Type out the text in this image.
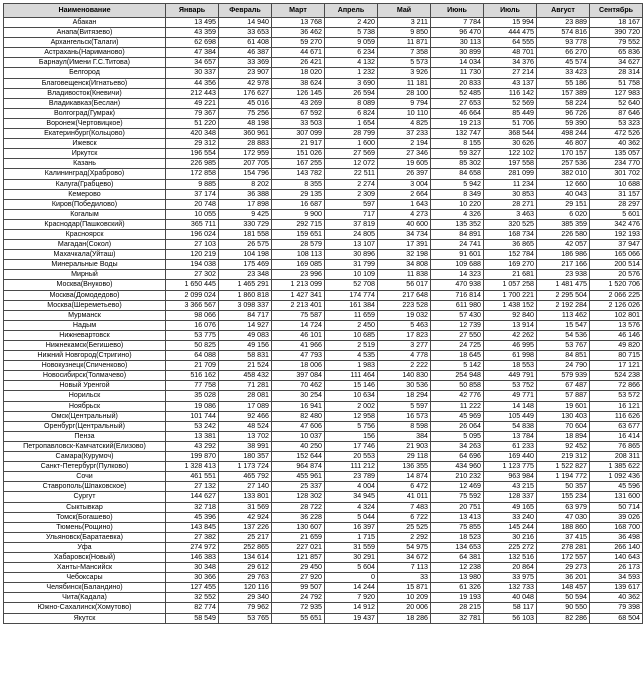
Наименование	Январь	Февраль	Март	Апрель	Май	Июнь	Июль	Август	Сентябрь
Абакан	13 495	14 940	13 768	2 420	3 211	7 784	15 994	23 889	18 167
Анапа(Витязево)	43 359	33 653	36 462	5 738	9 850	96 470	444 475	574 816	390 720
Архангельск(Талаги)	62 698	61 408	59 270	9 059	11 871	30 113	64 555	93 778	79 552
Астрахань(Нариманово)	47 384	46 387	44 671	6 234	7 358	30 899	48 701	66 270	65 836
Барнаул(Имени Г.С.Титова)	34 657	33 369	26 421	4 132	5 573	14 034	34 376	45 574	34 627
Белгород	30 337	23 907	18 020	1 232	3 926	11 730	27 214	33 423	28 314
Благовещенск(Игнатьево)	44 356	42 978	38 624	3 690	11 181	20 833	43 137	55 186	51 758
Владивосток(Кневичи)	212 443	176 627	126 145	26 594	28 100	52 485	116 142	157 389	127 983
Владикавказ(Беслан)	49 221	45 016	43 269	8 089	9 794	27 653	52 569	58 224	52 640
Волгоград(Гумрак)	79 367	75 256	67 592	6 824	10 110	46 664	85 449	96 726	87 646
Воронеж(Чертовицкое)	51 220	48 198	33 503	1 654	4 825	19 213	51 706	59 390	53 323
Екатеринбург(Кольцово)	420 348	360 961	307 099	28 799	37 233	132 747	368 544	498 244	472 526
Ижевск	29 312	28 883	21 917	1 600	2 194	8 155	30 626	46 807	40 362
Иркутск	196 554	172 959	151 026	27 569	27 346	59 327	122 102	170 157	135 057
Казань	226 985	207 705	167 255	12 072	19 605	85 302	197 558	257 536	234 770
Калининград(Храброво)	172 858	154 796	143 782	22 511	26 397	84 658	281 099	382 010	301 702
Калуга(Грабцево)	9 885	8 202	8 355	2 274	3 004	5 942	11 234	12 660	10 688
Кемерово	37 174	36 388	29 135	2 309	2 664	8 349	30 853	40 043	31 157
Киров(Победилово)	20 748	17 898	16 687	597	1 643	10 220	28 271	29 151	28 297
Когалым	10 055	9 425	9 900	717	4 273	4 326	3 463	6 020	5 601
Краснодар(Пашковский)	365 711	330 729	292 715	37 819	40 600	135 352	320 525	385 359	342 476
Красноярск	196 024	181 558	159 651	24 805	34 734	84 891	168 734	226 580	192 193
Магадан(Сокол)	27 103	26 575	28 579	13 107	17 391	24 741	36 865	42 057	37 947
Махачкала(Уйташ)	120 219	104 198	108 113	30 896	32 198	91 601	152 784	186 986	165 066
Минеральные Воды	194 038	175 469	169 085	31 799	34 808	109 688	169 270	217 166	200 514
Мирный	27 302	23 348	23 996	10 109	11 838	14 323	21 681	23 938	20 576
Москва(Внуково)	1 650 445	1 465 291	1 213 099	52 708	56 017	470 938	1 057 258	1 481 475	1 520 706
Москва(Домодедово)	2 099 024	1 860 818	1 427 341	174 774	217 648	716 814	1 700 221	2 295 504	2 066 225
Москва(Шереметьево)	3 366 567	3 098 337	2 213 401	161 384	223 528	611 980	1 438 152	2 192 284	2 126 026
Мурманск	98 066	84 717	75 587	11 659	19 032	57 430	92 840	113 462	102 801
Надым	16 076	14 927	14 724	2 450	5 463	12 739	13 914	15 547	13 576
Нижневартовск	53 775	49 083	46 101	10 685	17 823	27 550	42 262	54 536	46 146
Нижнекамск(Бегишево)	50 825	49 156	41 966	2 519	3 277	24 725	46 995	53 767	49 820
Нижний Новгород(Стригино)	64 088	58 831	47 793	4 535	4 778	18 645	61 998	84 851	80 715
Новокузнецк(Спиченково)	21 709	21 524	18 006	1 983	2 222	5 142	18 553	24 790	17 121
Новосибирск(Толмачево)	516 162	458 432	397 084	111 464	140 830	254 948	449 791	579 939	524 238
Новый Уренгой	77 758	71 281	70 462	15 146	30 536	50 858	53 752	67 487	72 866
Норильск	35 028	28 081	30 254	10 634	18 294	42 776	49 771	57 887	53 572
Ноябрьск	19 086	17 089	16 941	2 002	5 597	11 222	14 148	19 601	16 121
Омск(Центральный)	101 744	92 466	82 480	12 958	16 573	45 969	105 449	130 403	116 626
Оренбург(Центральный)	53 242	48 524	47 606	5 756	8 598	26 064	54 838	70 604	63 677
Пенза	13 381	13 702	10 037	156	384	5 095	13 784	18 894	16 414
Петропавловск-Камчатский(Елизово)	43 292	38 991	40 250	17 746	21 903	34 263	61 233	92 452	76 865
Самара(Курумоч)	199 870	180 357	152 644	20 553	29 118	64 696	169 440	219 312	208 311
Санкт-Петербург(Пулково)	1 328 413	1 173 724	964 874	111 212	136 355	434 960	1 123 775	1 522 827	1 385 622
Сочи	461 551	465 792	455 961	23 789	14 874	210 232	963 984	1 194 772	1 092 436
Ставрополь(Шпаковское)	27 132	27 140	25 337	4 004	6 472	12 469	43 215	50 357	45 596
Сургут	144 627	133 801	128 302	34 945	41 011	75 592	128 337	155 234	131 600
Сыктывкар	32 718	31 569	28 722	4 324	7 483	20 751	49 165	63 979	50 714
Томск(Богашево)	45 396	42 924	36 228	5 044	6 722	13 413	33 240	47 030	39 026
Тюмень(Рощино)	143 845	137 226	130 607	16 397	25 525	75 855	145 244	188 860	168 700
Ульяновск(Баратаевка)	27 382	25 217	21 659	1 715	2 292	18 523	30 216	37 415	36 498
Уфа	274 972	252 865	227 021	31 559	54 975	134 653	225 272	278 281	266 140
Хабаровск(Новый)	146 383	134 614	121 857	30 291	34 672	64 381	132 516	172 557	140 643
Ханты-Мансийск	30 348	29 612	29 450	5 604	7 113	12 238	20 864	29 273	26 173
Чебоксары	30 366	29 763	27 920	0	33	13 980	33 975	36 201	34 593
Челябинск(Баландино)	127 455	120 116	99 507	14 244	15 871	61 326	132 733	148 457	139 617
Чита(Кадала)	32 552	29 340	24 792	7 920	10 209	19 193	40 048	50 594	40 362
Южно-Сахалинск(Хомутово)	82 774	79 962	72 935	14 912	20 006	28 215	58 117	90 550	79 398
Якутск	58 549	53 765	55 651	19 437	18 286	32 781	56 103	82 286	68 504
